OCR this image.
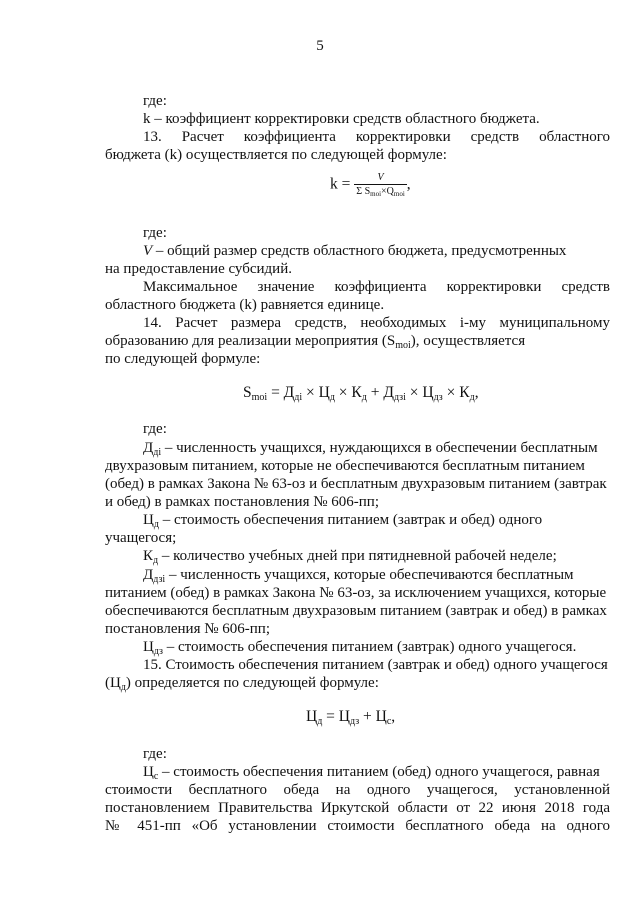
5
где:
k – коэффициент корректировки средств областного бюджета.
13. Расчет коэффициента корректировки средств областного
бюджета (k) осуществляется по следующей формуле:
$k = \frac{V}{\Sigma S_{moi}\times Q_{moi}}$ ,
где:
V – общий размер средств областного бюджета, предусмотренных
на предоставление субсидий.
Максимальное значение коэффициента корректировки средств
областного бюджета (k) равняется единице.
14. Расчет размера средств, необходимых i-му муниципальному
образованию для реализации мероприятия $(S_{moi})$, осуществляется
по следующей формуле:
$S_{moi} = Д_{дi} \times Ц_д \times К_д + Д_{дзi} \times Ц_{дз} \times К_д$,
где:
$Д_{дi}$ – численность учащихся, нуждающихся в обеспечении бесплатным
двухразовым питанием, которые не обеспечиваются бесплатным питанием
(обед) в рамках Закона № 63-оз и бесплатным двухразовым питанием (завтрак
и обед) в рамках постановления № 606-пп;
$Ц_д$ – стоимость обеспечения питанием (завтрак и обед) одного
учащегося;
$К_д$ – количество учебных дней при пятидневной рабочей неделе;
$Д_{дзi}$ – численность учащихся, которые обеспечиваются бесплатным
питанием (обед) в рамках Закона № 63-оз, за исключением учащихся, которые
обеспечиваются бесплатным двухразовым питанием (завтрак и обед) в рамках
постановления № 606-пп;
$Ц_{дз}$ – стоимость обеспечения питанием (завтрак) одного учащегося.
15. Стоимость обеспечения питанием (завтрак и обед) одного учащегося
$(Ц_д)$ определяется по следующей формуле:
$Ц_д = Ц_{дз} + Ц_с$,
где:
$Ц_с$ – стоимость обеспечения питанием (обед) одного учащегося, равная
стоимости бесплатного обеда на одного учащегося, установленной
постановлением Правительства Иркутской области от 22 июня 2018 года
№ 451-пп «Об установлении стоимости бесплатного обеда на одного
